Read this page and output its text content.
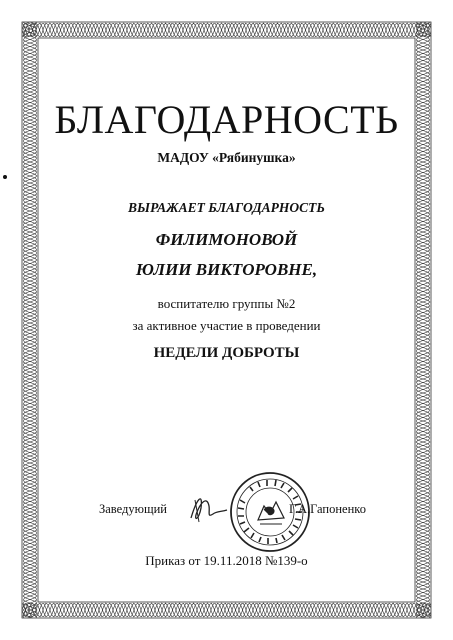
БЛАГОДАРНОСТЬ
МАДОУ «Рябинушка»
ВЫРАЖАЕТ БЛАГОДАРНОСТЬ
ФИЛИМОНОВОЙ
ЮЛИИ ВИКТОРОВНЕ,
воспитателю группы №2
за активное участие в проведении
НЕДЕЛИ ДОБРОТЫ
Заведующий	Г.А.Гапоненко
Приказ от 19.11.2018 №139-о
